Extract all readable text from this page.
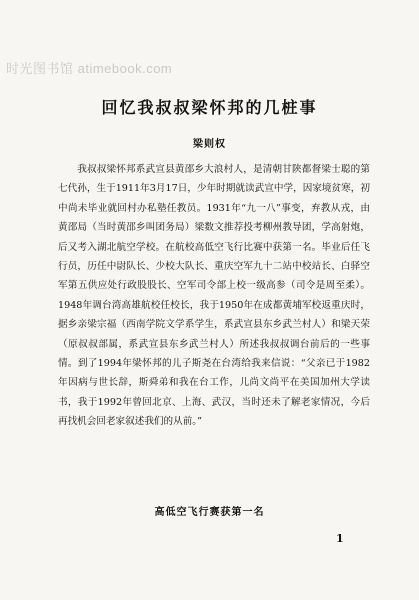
时光图书馆 atimebook.com
回忆我叔叔梁怀邦的几桩事
梁则权

我叔叔梁怀邦系武宣县黄邵乡大浪村人，是清朝甘陕都督梁士聪的第七代孙，生于1911年3月17日，少年时期就读武宣中学，因家境贫寒，初中尚未毕业就回村办私塾任教员。1931年“九一八”事变，弃教从戎，由黄邵局（当时黄邵乡叫团务局）梁数文推荐投考柳州教导团，学高射炮，后又考入湖北航空学校。在航校高低空飞行比赛中获第一名。毕业后任飞行员，历任中尉队长、少校大队长、重庆空军九十二站中校站长、白驿空军第五供应处行政股股长、空军司令部上校一级高参（司令是周至柔）。1948年调台湾高雄航校任校长，我于1950年在成都黄埔军校返重庆时，据乡亲梁宗福（西南学院文学系学生，系武宣县东乡武兰村人）和梁天荣（原叔叔部属，系武宣县东乡武兰村人）所述我叔叔调台前后的一些事情。到了1994年梁怀邦的儿子斯尧在台湾给我来信说：“父亲已于1982年因病与世长辞，斯舜弟和我在台工作，儿尚文尚平在美国加州大学读书，我于1992年曾回北京、上海、武汉，当时还未了解老家情况，今后再找机会回老家叙述我们的从前。”

高低空飞行赛获第一名
1
